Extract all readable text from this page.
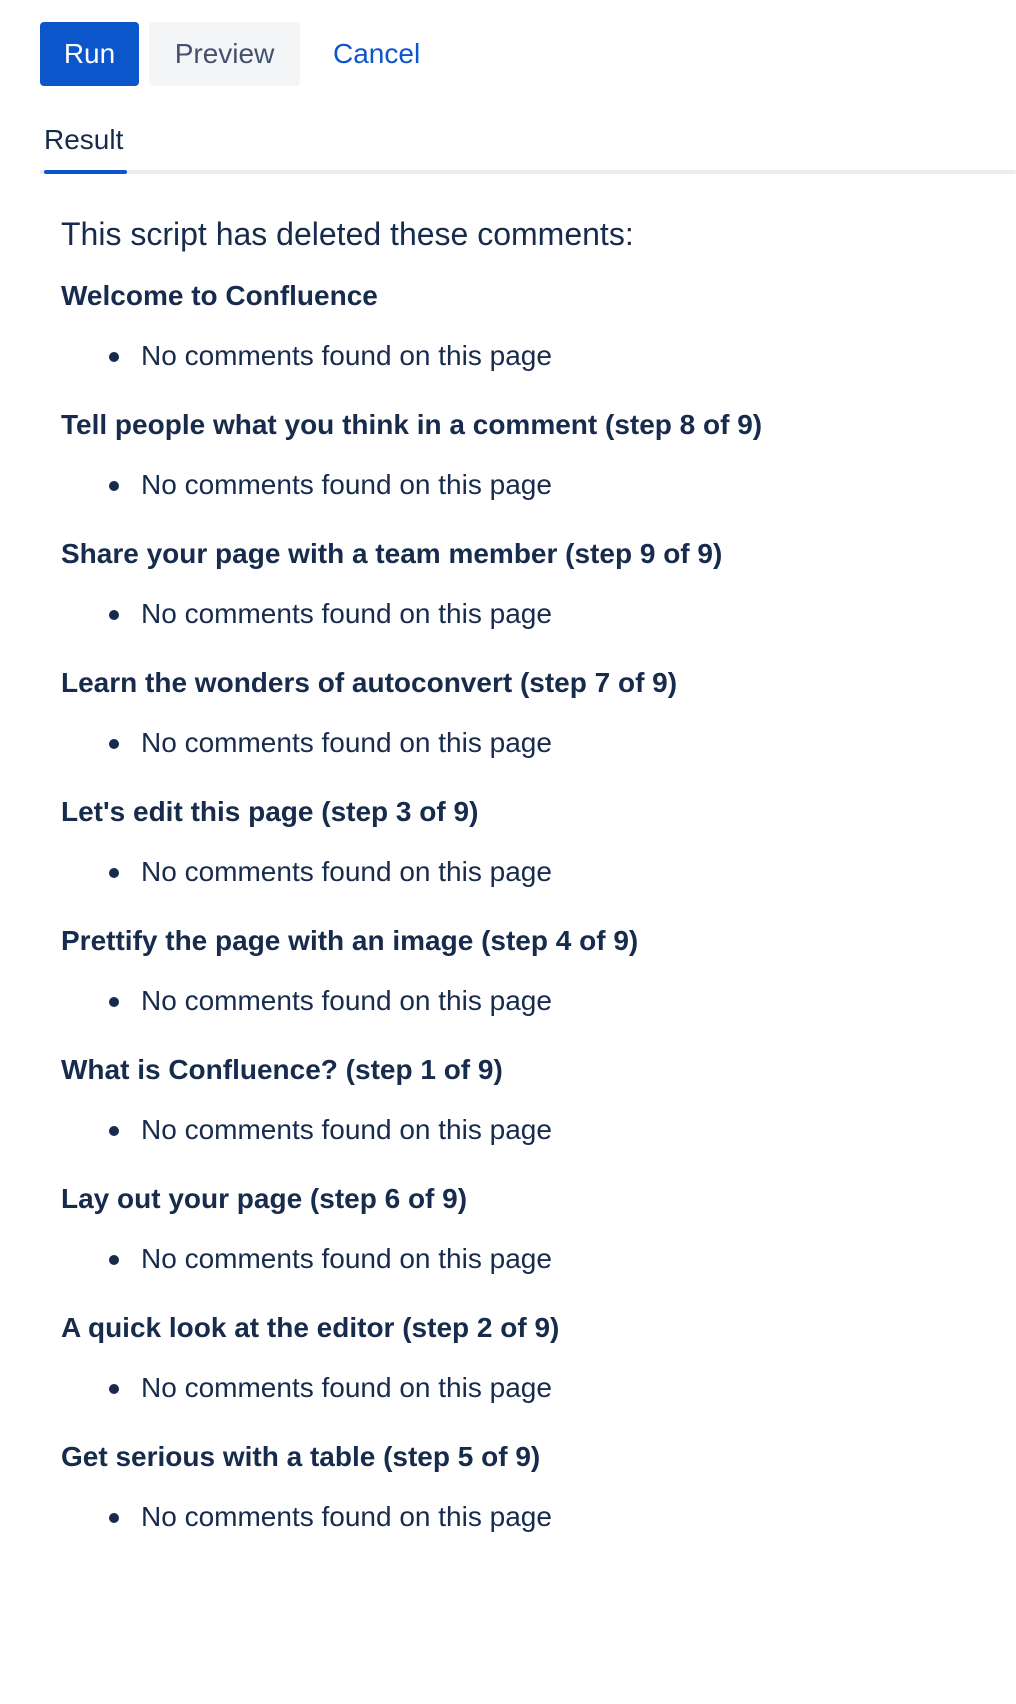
Run	Preview	Cancel
Result

This script has deleted these comments:

Welcome to Confluence
No comments found on this page
Tell people what you think in a comment (step 8 of 9)
No comments found on this page
Share your page with a team member (step 9 of 9)
No comments found on this page
Learn the wonders of autoconvert (step 7 of 9)
No comments found on this page
Let's edit this page (step 3 of 9)
No comments found on this page
Prettify the page with an image (step 4 of 9)
No comments found on this page
What is Confluence? (step 1 of 9)
No comments found on this page
Lay out your page (step 6 of 9)
No comments found on this page
A quick look at the editor (step 2 of 9)
No comments found on this page
Get serious with a table (step 5 of 9)
No comments found on this page
